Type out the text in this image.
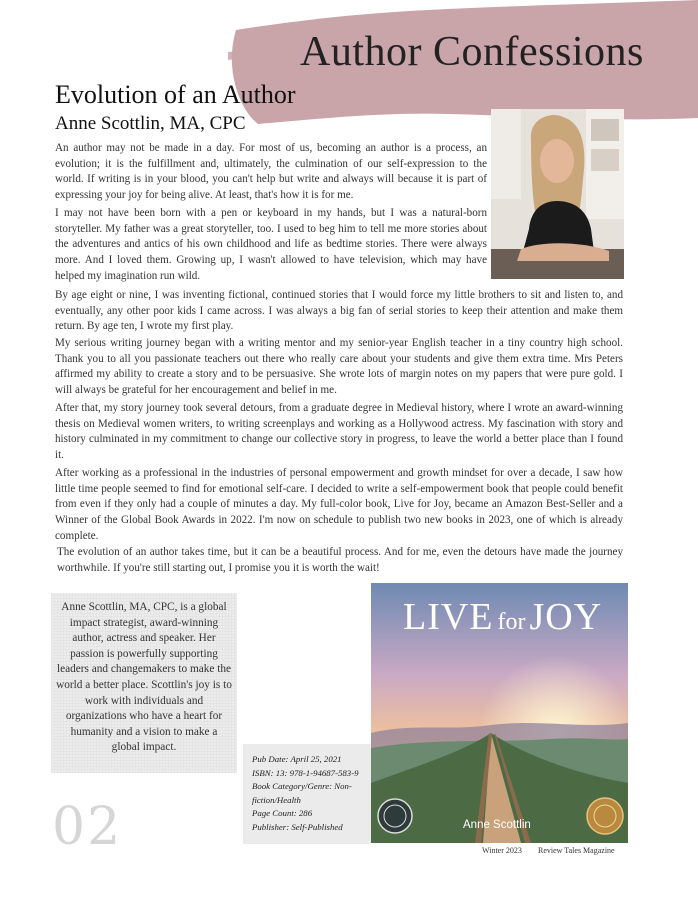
Author Confessions
Evolution of an Author
Anne Scottlin, MA, CPC

An author may not be made in a day. For most of us, becoming an author is a process, an evolution; it is the fulfillment and, ultimately, the culmination of our self-expression to the world. If writing is in your blood, you can't help but write and always will because it is part of expressing your joy for being alive. At least, that's how it is for me.

I may not have been born with a pen or keyboard in my hands, but I was a natural-born storyteller. My father was a great storyteller, too. I used to beg him to tell me more stories about the adventures and antics of his own childhood and life as bedtime stories. There were always more. And I loved them. Growing up, I wasn't allowed to have television, which may have helped my imagination run wild.

By age eight or nine, I was inventing fictional, continued stories that I would force my little brothers to sit and listen to, and eventually, any other poor kids I came across. I was always a big fan of serial stories to keep their attention and make them return. By age ten, I wrote my first play.

My serious writing journey began with a writing mentor and my senior-year English teacher in a tiny country high school. Thank you to all you passionate teachers out there who really care about your students and give them extra time. Mrs Peters affirmed my ability to create a story and to be persuasive. She wrote lots of margin notes on my papers that were pure gold. I will always be grateful for her encouragement and belief in me.

After that, my story journey took several detours, from a graduate degree in Medieval history, where I wrote an award-winning thesis on Medieval women writers, to writing screenplays and working as a Hollywood actress. My fascination with story and history culminated in my commitment to change our collective story in progress, to leave the world a better place than I found it.

After working as a professional in the industries of personal empowerment and growth mindset for over a decade, I saw how little time people seemed to find for emotional self-care. I decided to write a self-empowerment book that people could benefit from even if they only had a couple of minutes a day. My full-color book, Live for Joy, became an Amazon Best-Seller and a Winner of the Global Book Awards in 2022. I'm now on schedule to publish two new books in 2023, one of which is already complete.

The evolution of an author takes time, but it can be a beautiful process. And for me, even the detours have made the journey worthwhile. If you're still starting out, I promise you it is worth the wait!

Anne Scottlin, MA, CPC, is a global impact strategist, award-winning author, actress and speaker. Her passion is powerfully supporting leaders and changemakers to make the world a better place. Scottlin's joy is to work with individuals and organizations who have a heart for humanity and a vision to make a global impact.

Pub Date: April 25, 2021
ISBN: 13: 978-1-94687-583-9
Book Category/Genre: Non-fiction/Health
Page Count: 286
Publisher: Self-Published
LIVE for JOY
Anne Scottlin
02	Winter 2023 Review Tales Magazine
